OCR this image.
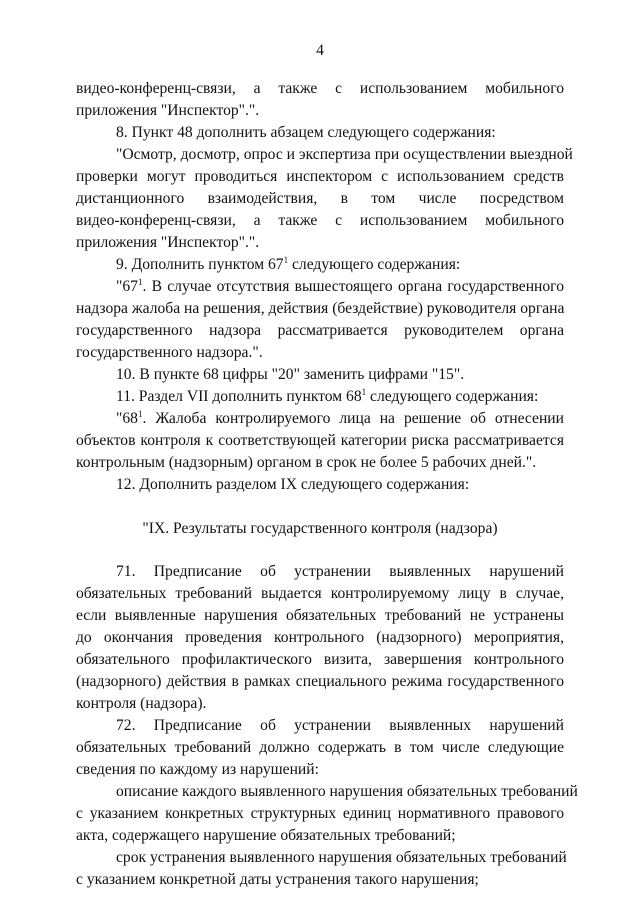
4
видео-конференц-связи, а также с использованием мобильного
приложения "Инспектор".".
8. Пункт 48 дополнить абзацем следующего содержания:
"Осмотр, досмотр, опрос и экспертиза при осуществлении выездной
проверки могут проводиться инспектором с использованием средств
дистанционного взаимодействия, в том числе посредством
видео-конференц-связи, а также с использованием мобильного
приложения "Инспектор".".
9. Дополнить пунктом $67^1$ следующего содержания:
"$67^1$. В случае отсутствия вышестоящего органа государственного
надзора жалоба на решения, действия (бездействие) руководителя органа
государственного надзора рассматривается руководителем органа
государственного надзора.".
10. В пункте 68 цифры "20" заменить цифрами "15".
11. Раздел VII дополнить пунктом $68^1$ следующего содержания:
"$68^1$. Жалоба контролируемого лица на решение об отнесении
объектов контроля к соответствующей категории риска рассматривается
контрольным (надзорным) органом в срок не более 5 рабочих дней.".
12. Дополнить разделом IX следующего содержания:
"IX. Результаты государственного контроля (надзора)
71. Предписание об устранении выявленных нарушений
обязательных требований выдается контролируемому лицу в случае,
если выявленные нарушения обязательных требований не устранены
до окончания проведения контрольного (надзорного) мероприятия,
обязательного профилактического визита, завершения контрольного
(надзорного) действия в рамках специального режима государственного
контроля (надзора).
72. Предписание об устранении выявленных нарушений
обязательных требований должно содержать в том числе следующие
сведения по каждому из нарушений:
описание каждого выявленного нарушения обязательных требований
с указанием конкретных структурных единиц нормативного правового
акта, содержащего нарушение обязательных требований;
срок устранения выявленного нарушения обязательных требований
с указанием конкретной даты устранения такого нарушения;
